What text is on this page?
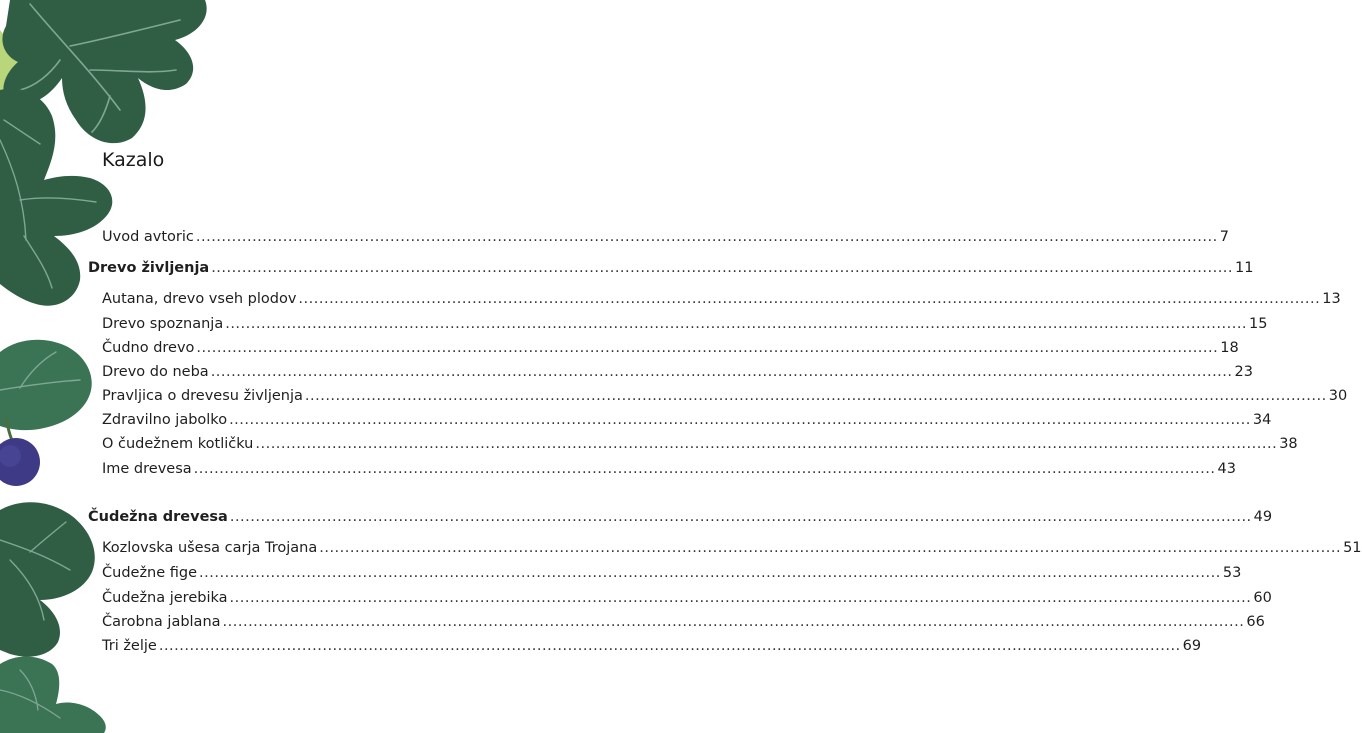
Kazalo
Uvod avtoric ........................................................................................................................................................................................................ 7
Drevo življenja ........................................................................................................................................................................................................ 11
Autana, drevo vseh plodov ........................................................................................................................................................................................................ 13
Drevo spoznanja ........................................................................................................................................................................................................ 15
Čudno drevo ........................................................................................................................................................................................................ 18
Drevo do neba ........................................................................................................................................................................................................ 23
Pravljica o drevesu življenja ........................................................................................................................................................................................................ 30
Zdravilno jabolko ........................................................................................................................................................................................................ 34
O čudežnem kotličku ........................................................................................................................................................................................................ 38
Ime drevesa ........................................................................................................................................................................................................ 43
Čudežna drevesa ........................................................................................................................................................................................................ 49
Kozlovska ušesa carja Trojana ........................................................................................................................................................................................................ 51
Čudežne fige ........................................................................................................................................................................................................ 53
Čudežna jerebika ........................................................................................................................................................................................................ 60
Čarobna jablana ........................................................................................................................................................................................................ 66
Tri želje ........................................................................................................................................................................................................ 69
